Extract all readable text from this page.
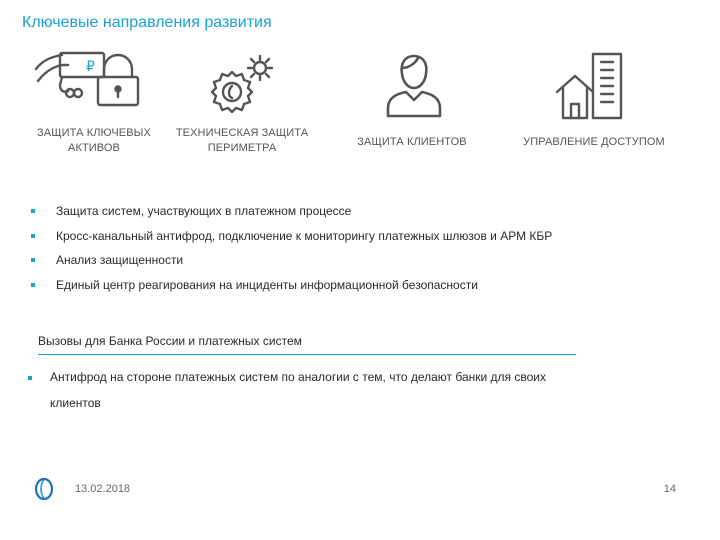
Ключевые направления развития
₽
ЗАЩИТА КЛЮЧЕВЫХ
АКТИВОВ
ТЕХНИЧЕСКАЯ ЗАЩИТА
ПЕРИМЕТРА	ЗАЩИТА КЛИЕНТОВ	УПРАВЛЕНИЕ ДОСТУПОМ
Защита систем, участвующих в платежном процессе
Кросс-канальный антифрод, подключение к мониторингу платежных шлюзов и АРМ КБР
Анализ защищенности
Единый центр реагирования на инциденты информационной безопасности
Вызовы для Банка России и платежных систем
Антифрод на стороне платежных систем по аналогии с тем, что делают банки для своих
клиентов
13.02.2018	14
